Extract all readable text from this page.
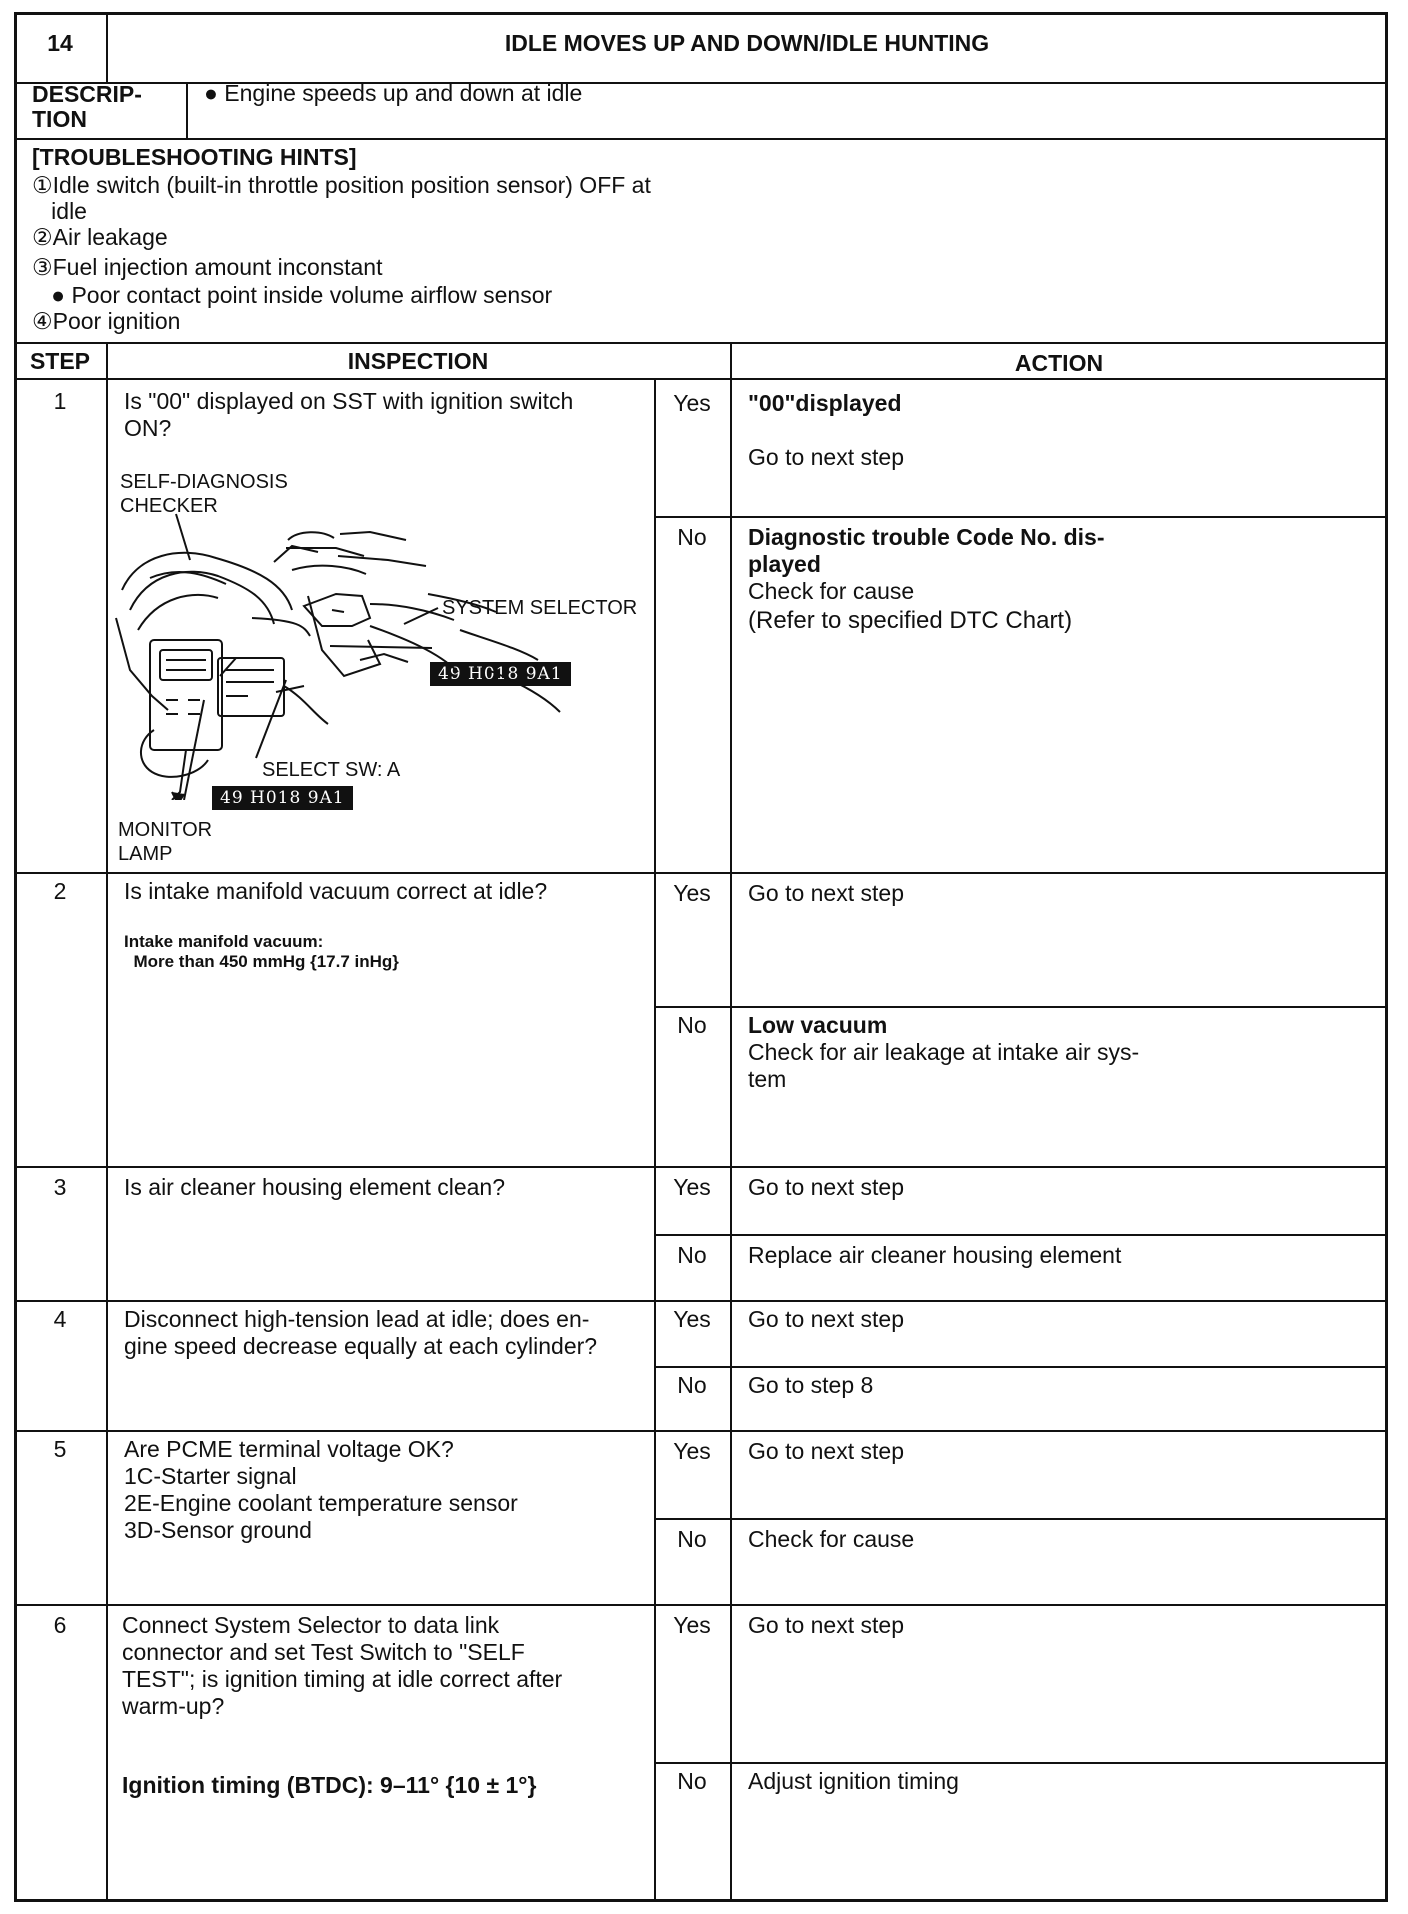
14	IDLE MOVES UP AND DOWN/IDLE HUNTING
DESCRIP-
TION
● Engine speeds up and down at idle
[TROUBLESHOOTING HINTS]
①Idle switch (built-in throttle position position sensor) OFF at
idle
②Air leakage
③Fuel injection amount inconstant
● Poor contact point inside volume airflow sensor
④Poor ignition
STEP	INSPECTION	ACTION
1	Is "00" displayed on SST with ignition switch
ON?
Yes	"00"displayed
Go to next step
No	Diagnostic trouble Code No. dis-
played
Check for cause
(Refer to specified DTC Chart)
SELF-DIAGNOSIS
CHECKER
SYSTEM SELECTOR
49 H018 9A1
SELECT SW: A
49 H018 9A1
MONITOR
LAMP
2	Is intake manifold vacuum correct at idle?
Intake manifold vacuum:
More than 450 mmHg {17.7 inHg}
Yes	Go to next step
No	Low vacuum
Check for air leakage at intake air sys-
tem
3	Is air cleaner housing element clean?	Yes	Go to next step
No	Replace air cleaner housing element
4	Disconnect high-tension lead at idle; does en-
gine speed decrease equally at each cylinder?
Yes	Go to next step
No	Go to step 8
5	Are PCME terminal voltage OK?
1C-Starter signal
2E-Engine coolant temperature sensor
3D-Sensor ground
Yes	Go to next step
No	Check for cause
6	Connect System Selector to data link
connector and set Test Switch to "SELF
TEST"; is ignition timing at idle correct after
warm-up?
Ignition timing (BTDC): 9–11° {10 ± 1°}
Yes	Go to next step
No	Adjust ignition timing
